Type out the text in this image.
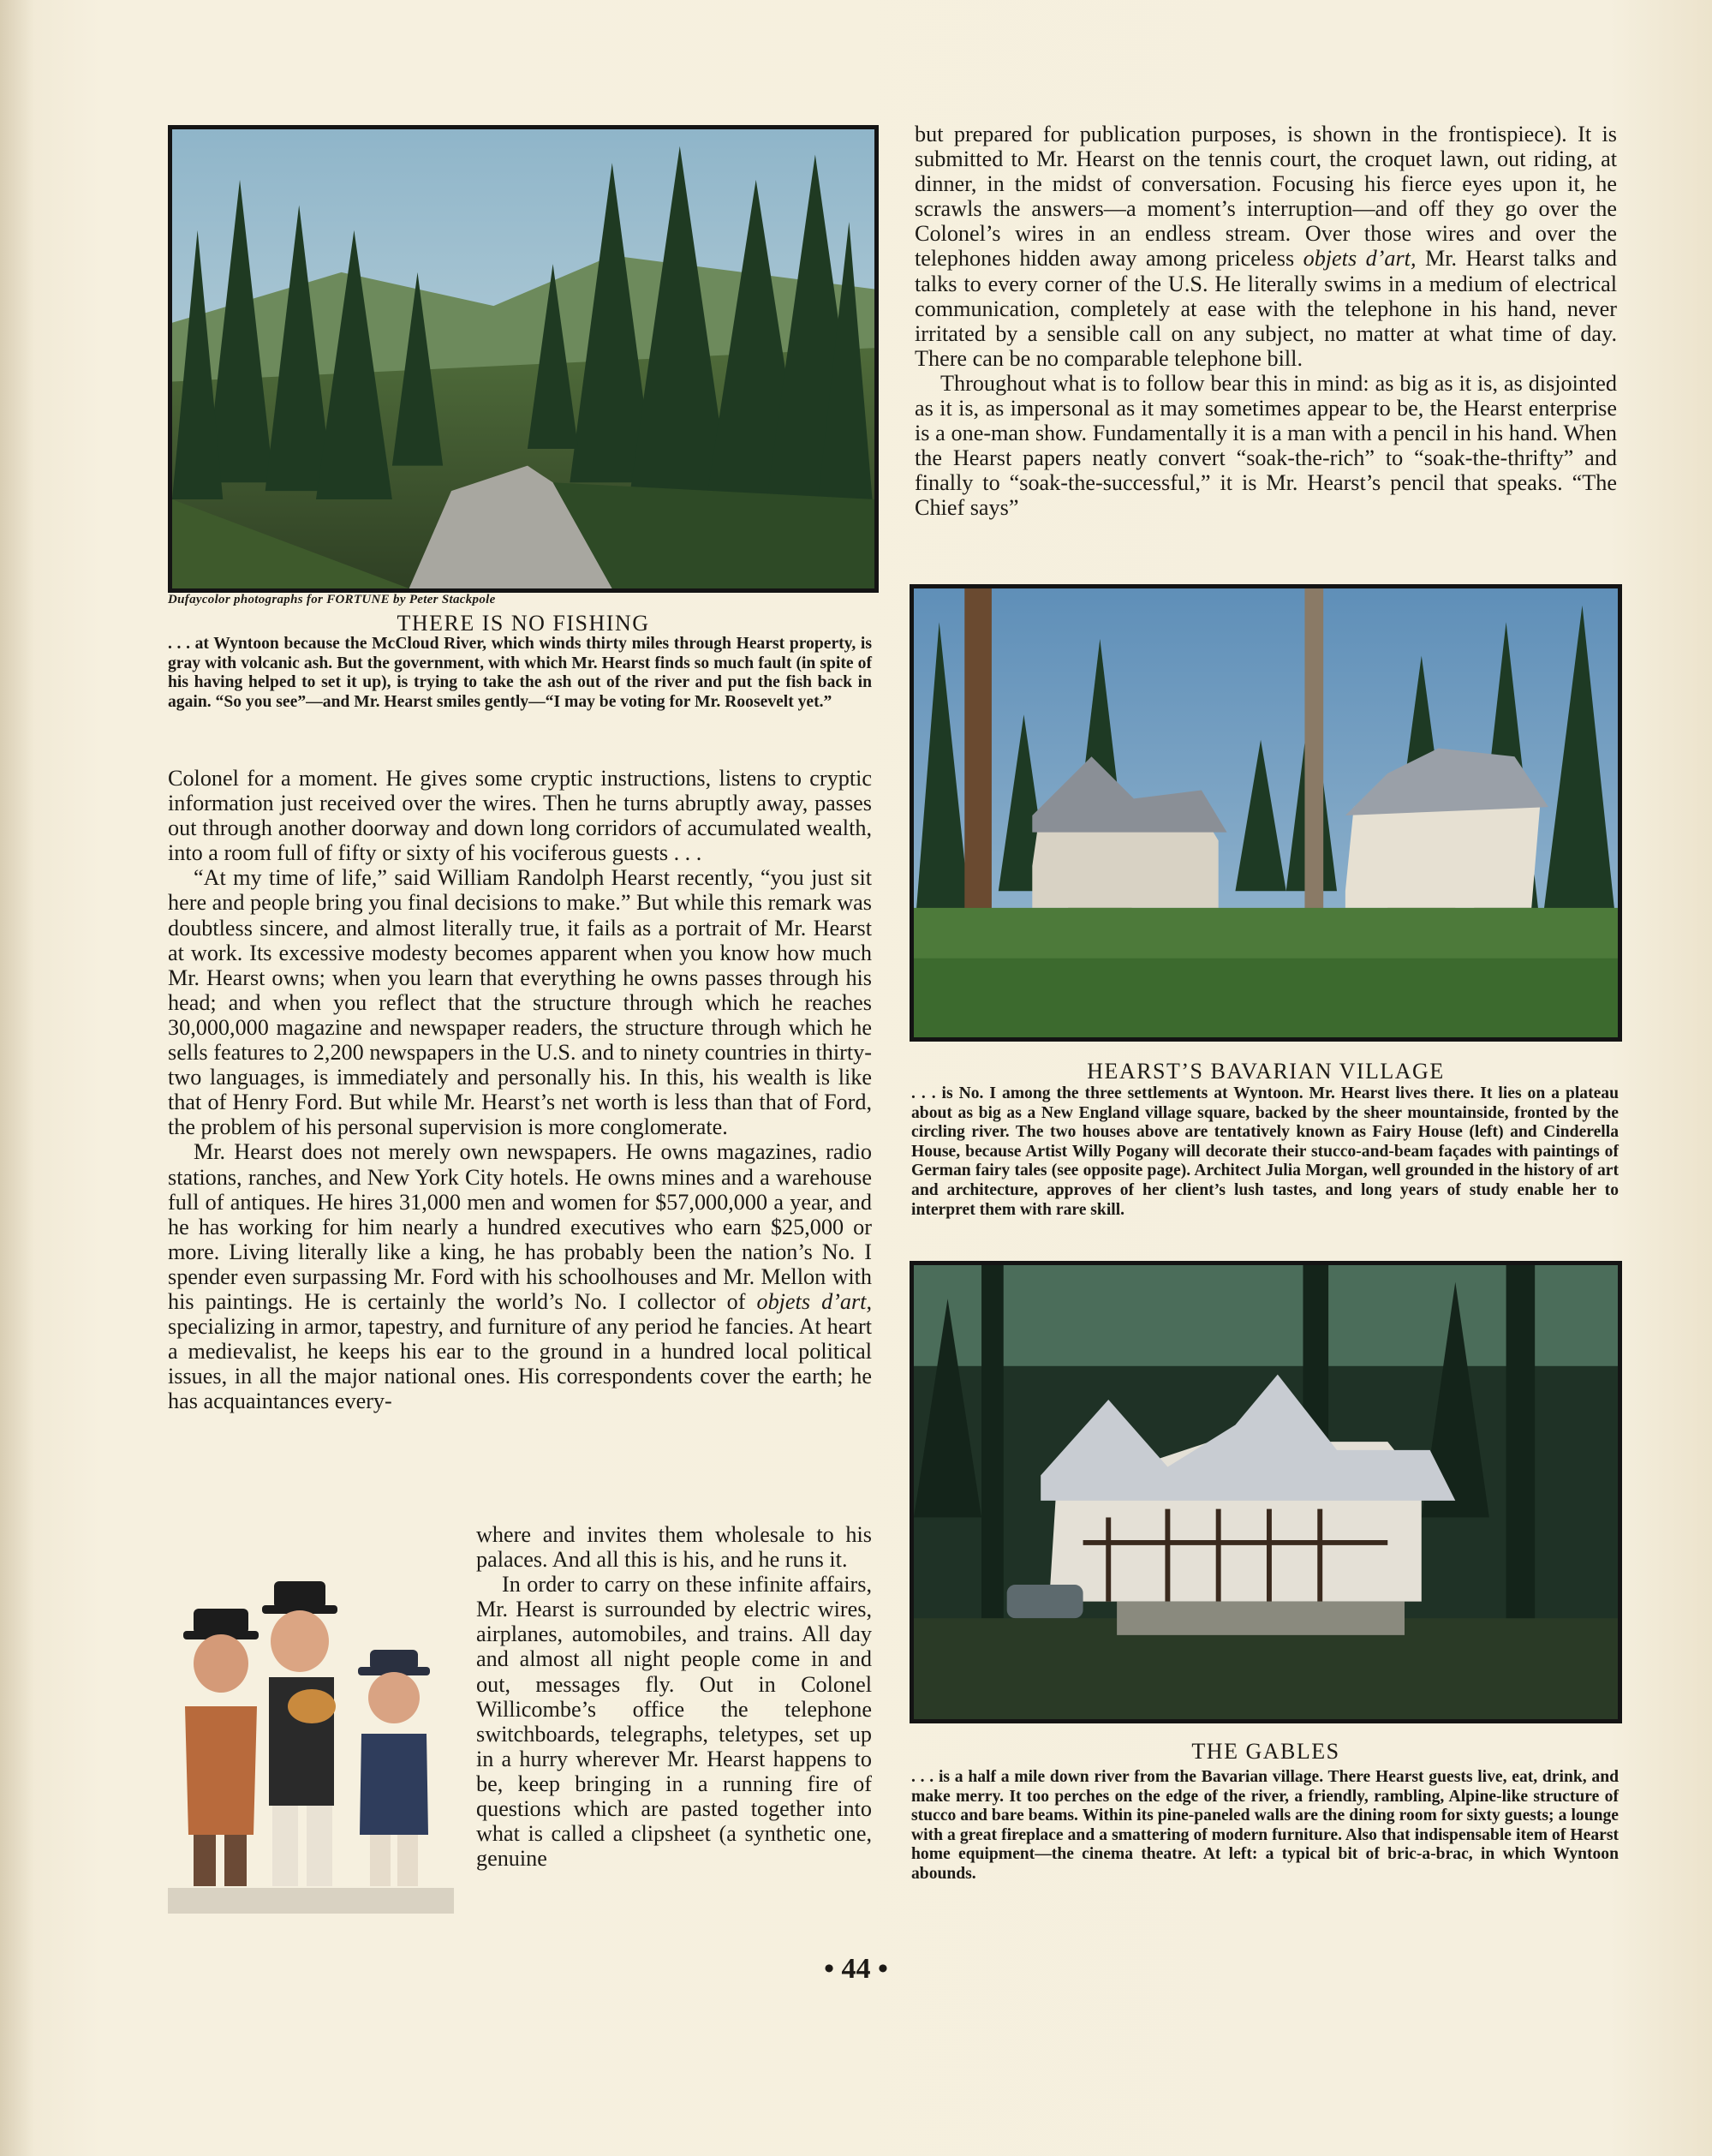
Dufaycolor photographs for FORTUNE by Peter Stackpole
THERE IS NO FISHING
. . . at Wyntoon because the McCloud River, which winds thirty miles through Hearst property, is gray with volcanic ash. But the government, with which Mr. Hearst finds so much fault (in spite of his having helped to set it up), is trying to take the ash out of the river and put the fish back in again. “So you see”—and Mr. Hearst smiles gently—“I may be voting for Mr. Roosevelt yet.”

Colonel for a moment. He gives some cryptic instructions, listens to cryptic information just received over the wires. Then he turns abruptly away, passes out through another doorway and down long corridors of accumulated wealth, into a room full of fifty or sixty of his vociferous guests . . .

“At my time of life,” said William Randolph Hearst recently, “you just sit here and people bring you final decisions to make.” But while this remark was doubtless sincere, and almost literally true, it fails as a portrait of Mr. Hearst at work. Its excessive modesty becomes apparent when you know how much Mr. Hearst owns; when you learn that everything he owns passes through his head; and when you reflect that the structure through which he reaches 30,000,000 magazine and newspaper readers, the structure through which he sells features to 2,200 newspapers in the U.S. and to ninety countries in thirty-two languages, is immediately and personally his. In this, his wealth is like that of Henry Ford. But while Mr. Hearst’s net worth is less than that of Ford, the problem of his personal supervision is more conglomerate.

Mr. Hearst does not merely own newspapers. He owns magazines, radio stations, ranches, and New York City hotels. He owns mines and a warehouse full of antiques. He hires 31,000 men and women for $57,000,000 a year, and he has working for him nearly a hundred executives who earn $25,000 or more. Living literally like a king, he has probably been the nation’s No. I spender even surpassing Mr. Ford with his schoolhouses and Mr. Mellon with his paintings. He is certainly the world’s No. I collector of objets d’art, specializing in armor, tapestry, and furniture of any period he fancies. At heart a medievalist, he keeps his ear to the ground in a hundred local political issues, in all the major national ones. His correspondents cover the earth; he has acquaintances every-

where and invites them wholesale to his palaces. And all this is his, and he runs it.

In order to carry on these infinite affairs, Mr. Hearst is surrounded by electric wires, airplanes, automobiles, and trains. All day and almost all night people come in and out, messages fly. Out in Colonel Willicombe’s office the telephone switchboards, telegraphs, teletypes, set up in a hurry wherever Mr. Hearst happens to be, keep bringing in a running fire of questions which are pasted together into what is called a clipsheet (a synthetic one, genuine

but prepared for publication purposes, is shown in the frontispiece). It is submitted to Mr. Hearst on the tennis court, the croquet lawn, out riding, at dinner, in the midst of conversation. Focusing his fierce eyes upon it, he scrawls the answers—a moment’s interruption—and off they go over the Colonel’s wires in an endless stream. Over those wires and over the telephones hidden away among priceless objets d’art, Mr. Hearst talks and talks to every corner of the U.S. He literally swims in a medium of electrical communication, completely at ease with the telephone in his hand, never irritated by a sensible call on any subject, no matter at what time of day. There can be no comparable telephone bill.

Throughout what is to follow bear this in mind: as big as it is, as disjointed as it is, as impersonal as it may sometimes appear to be, the Hearst enterprise is a one-man show. Fundamentally it is a man with a pencil in his hand. When the Hearst papers neatly convert “soak-the-rich” to “soak-the-thrifty” and finally to “soak-the-successful,” it is Mr. Hearst’s pencil that speaks. “The Chief says”

HEARST’S BAVARIAN VILLAGE
. . . is No. I among the three settlements at Wyntoon. Mr. Hearst lives there. It lies on a plateau about as big as a New England village square, backed by the sheer mountainside, fronted by the circling river. The two houses above are tentatively known as Fairy House (left) and Cinderella House, because Artist Willy Pogany will decorate their stucco-and-beam façades with paintings of German fairy tales (see opposite page). Architect Julia Morgan, well grounded in the history of art and architecture, approves of her client’s lush tastes, and long years of study enable her to interpret them with rare skill.
THE GABLES
. . . is a half a mile down river from the Bavarian village. There Hearst guests live, eat, drink, and make merry. It too perches on the edge of the river, a friendly, rambling, Alpine-like structure of stucco and bare beams. Within its pine-paneled walls are the dining room for sixty guests; a lounge with a great fireplace and a smattering of modern furniture. Also that indispensable item of Hearst home equipment—the cinema theatre. At left: a typical bit of bric-a-brac, in which Wyntoon abounds.
• 44 •
